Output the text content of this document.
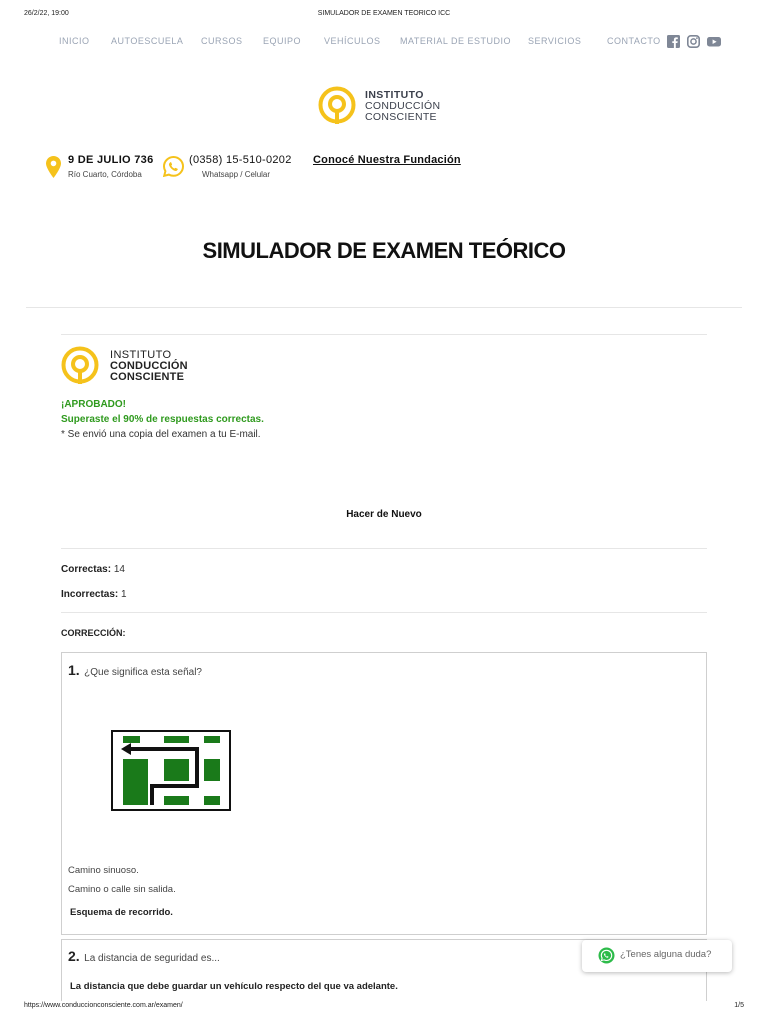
26/2/22, 19:00	SIMULADOR DE EXAMEN TEORICO ICC
INICIO AUTOESCUELA CURSOS EQUIPO	VEHÍCULOS MATERIAL DE ESTUDIO SERVICIOS	CONTACTO
INSTITUTO
CONDUCCIÓN
CONSCIENTE
9 DE JULIO 736
Río Cuarto, Córdoba
(0358) 15-510-0202
Whatsapp / Celular
Conocé Nuestra Fundación
SIMULADOR DE EXAMEN TEÓRICO
INSTITUTO
CONDUCCIÓN
CONSCIENTE
¡APROBADO!
Superaste el 90% de respuestas correctas.
* Se envió una copia del examen a tu E-mail.
Hacer de Nuevo
Correctas: 14
Incorrectas: 1
CORRECCIÓN:
1. ¿Que significa esta señal?
Camino sinuoso.
Camino o calle sin salida.
Esquema de recorrido.
2. La distancia de seguridad es...
La distancia que debe guardar un vehículo respecto del que va adelante.
¿Tenes alguna duda?
https://www.conduccionconsciente.com.ar/examen/	1/5
